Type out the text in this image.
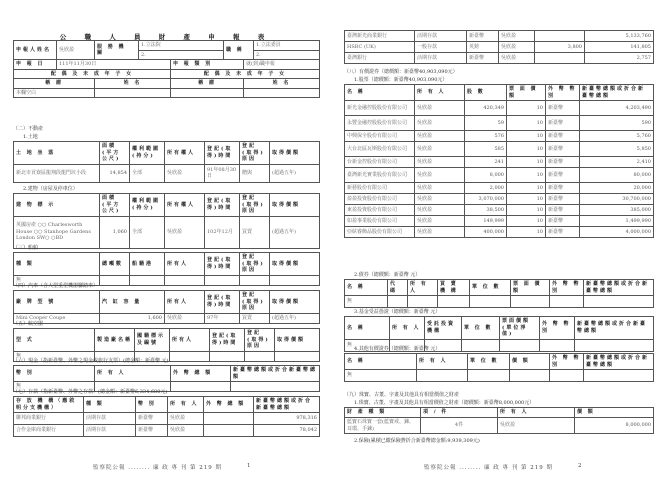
公 職 人 員 財 產 申 報 表
申報人姓名	吳欣盈	服 務 機 關	1.立法院		職 稱		1.立法委員
			2.				2.
申 報 日	111年11月30日			申 報 類 別		就(到)職申報	
配 偶 及 未 成 年 子 女				配 偶 及 未 成 年 子 女			
稱 謂		姓 名		稱 謂		姓 名	
本欄空白							
（二）不動產
1.土地
土 地 坐 落	面積(平方公尺)	權利範圍(持分)	所有權人	登記(取得)時間	登記(取得)原因	取得價額
新北市貢寮區龍翔段龍門坑小段	14,854	全部	吳欣盈	91年08月30日	贈與	(超過五年)
2.建物（房屋及停車位）
建 物 標 示	面積(平方公尺)	權利範圍(持分)	所有權人	登記(取得)時間	登記(取得)原因	取得價額
英國房產 ○○ Charlesworth House ○○ Stanhope Gardens London SW○ ○BD	1,060	全部	吳欣盈	102年12月	買賣	(超過五年)
（三）船舶
種 類	總噸數	船籍港	所有人	登記(取得)時間	登記(取得)原因	取得價額
無						
（四）汽車（含大型重型機器腳踏車）
廠 牌 型 號	汽 缸 容 量	所有人	登記(取得)時間	登記(取得)原因	取得價額
Mini Cooper Coupe	1,600	吳欣盈	97年	買賣	(超過五年)
（五）航空器
型 式	製造廠名稱	國籍標示及編號	所有人	登記(取得)時間	登記(取得)原因	取得價額
無						
（六）現金（指新臺幣、外幣之現金或旅行支票）(總金額：新臺幣 元)
幣 別	所 有 人	外 幣 總 額	新臺幣總額或折合新臺幣總額
無			
（七）存款（指新臺幣、外幣之存款）(總金額：新臺幣6,334,680元)
存 放 機 構（應敘明分支機構）	種 類	幣 別	所 有 人	外 幣 總 額	新臺幣總額或折合新臺幣總額
聯邦商業銀行	活期存款	新臺幣	吳欣盈		978,316
合作金庫商業銀行	活期存款	新臺幣	吳欣盈		78,042
監察院公報 ........ 廉 政 專 刊 第 219 期	1
臺灣新光商業銀行	活期存款	新臺幣	吳欣盈		5,133,760
HSBC (UK)	一般存款	英鎊	吳欣盈	3,800	141,805
臺灣銀行	活期存款	新臺幣	吳欣盈		2,757
（八）有價證券（總價額：新臺幣40,903,090元）
1.股票（總價額：新臺幣40,903,090元）
名 稱	所 有 人	股 數	票 面 價 額	外 幣 幣 別	新臺幣總額或折合新臺幣總額
新光金融控股股份有限公司	吳欣盈	420,349	10	新臺幣	4,203,490
永豐金融控股股份有限公司	吳欣盈	59	10	新臺幣	590
中興保全股份有限公司	吳欣盈	576	10	新臺幣	5,760
大台北區瓦斯股份有限公司	吳欣盈	585	10	新臺幣	5,850
台新金控股份有限公司	吳欣盈	241	10	新臺幣	2,410
臺灣新光實業股份有限公司	吳欣盈	8,000	10	新臺幣	80,000
新藝股份有限公司	吳欣盈	2,000	10	新臺幣	20,000
盈盈投資股份有限公司	吳欣盈	3,070,000	10	新臺幣	30,700,000
東盈投資股份有限公司	吳欣盈	38,500	10	新臺幣	385,000
如盈事業股份有限公司	吳欣盈	149,999	10	新臺幣	1,499,990
亞絃睿飾品股份有限公司	吳欣盈	400,000	10	新臺幣	4,000,000
2.債券（總價額：新臺幣 元）
名 稱	代 碼	所 有 人	買 賣 機 構	單 位 數	票 面 價 額	外 幣 幣 別	新臺幣總額或折合新臺幣總額
無							
3.基金受益憑證（總價額：新臺幣 元）
名 稱	所 有 人	受託投資機構	單 位 數	票面價額(單位淨值)	外 幣 幣 別	新臺幣總額或折合新臺幣總額
無						
4.其他有價證券（總價額：新臺幣 元）
名 稱	所 有 人	單 位 數	價 額	外 幣 幣 別	新臺幣總額或折合新臺幣總額
無					
（九）珠寶、古董、字畫及其他具有相當價值之財產
1.珠寶、古董、字畫及其他具有相當價值之財產（總價額：新臺幣8,000,000元）
財 產 種 類	項 / 件	所 有 人	價 額
藍寶石珠寶一套(藍寶戒、鍊、耳環、手鍊)	4件	吳欣盈	8,000,000
2.保險(累積已繳保險費折合新臺幣總金額:9,939,309元)
監察院公報 ........ 廉 政 專 刊 第 219 期	2
